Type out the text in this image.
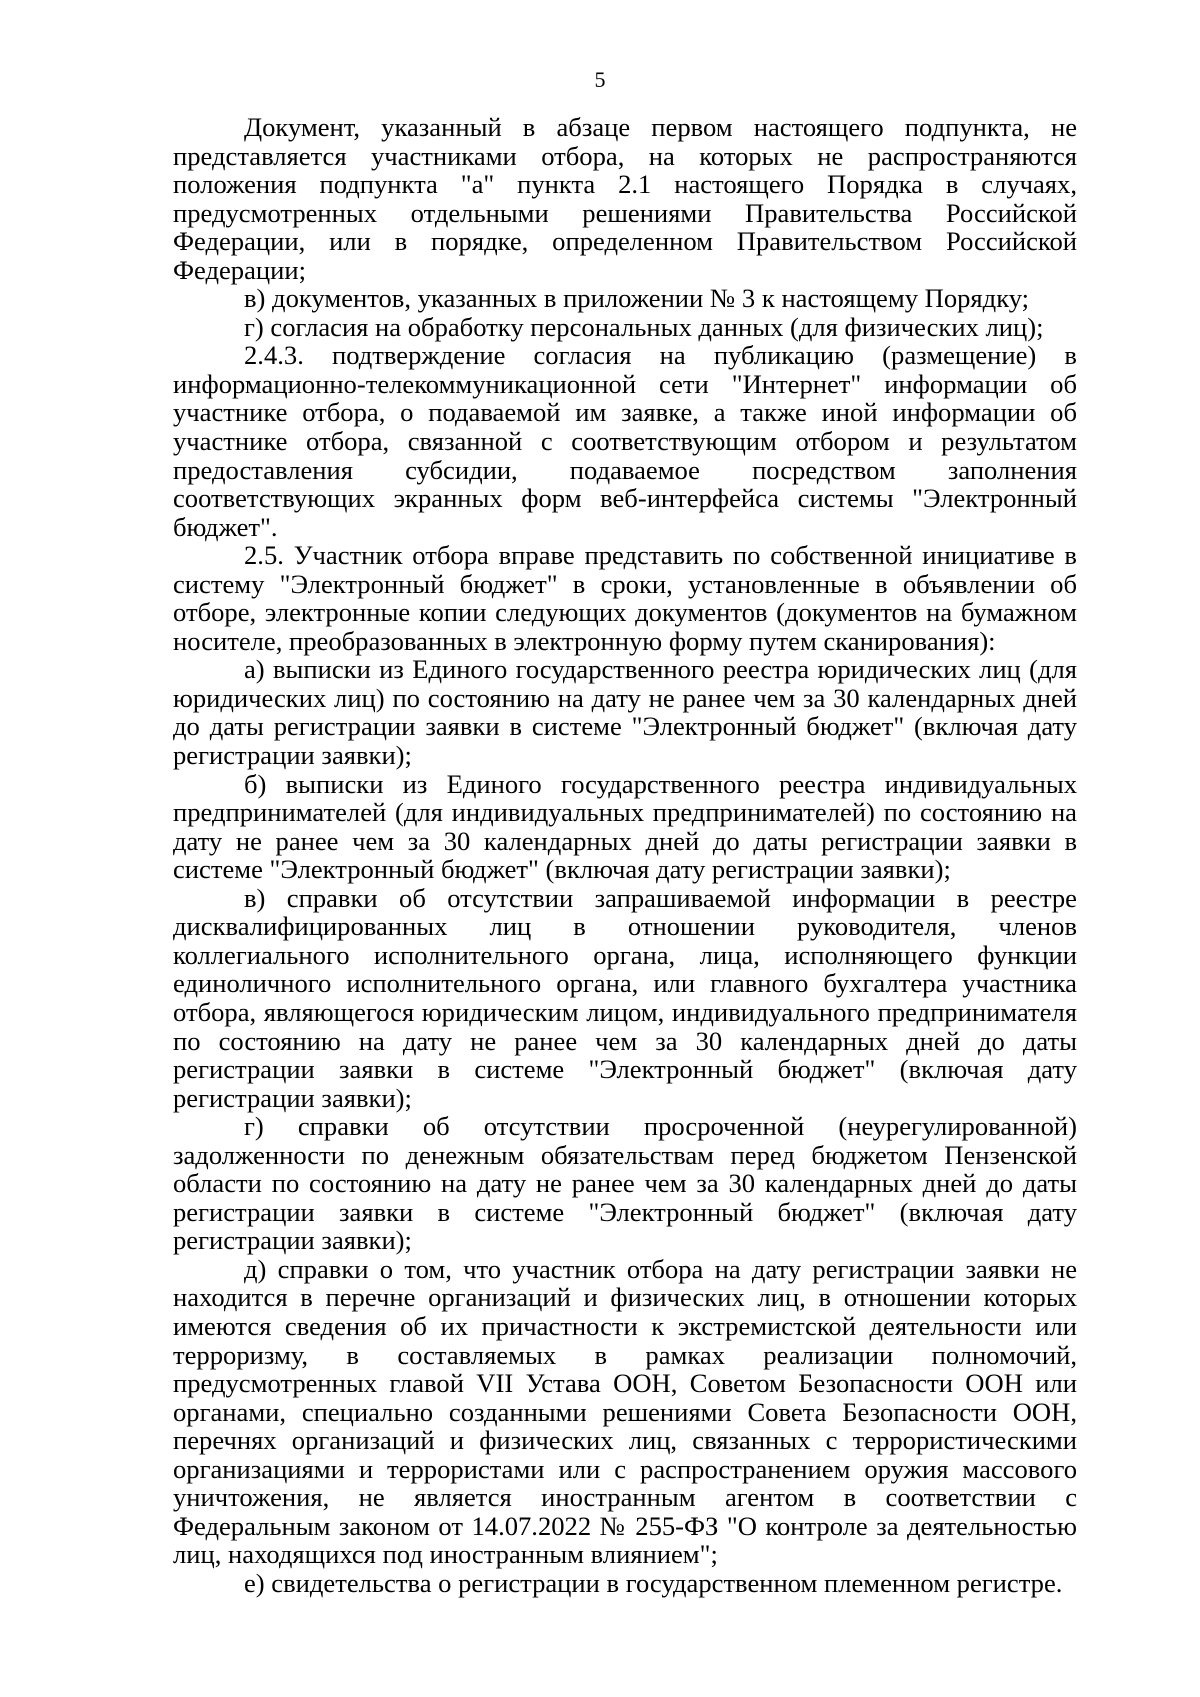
5

Документ, указанный в абзаце первом настоящего подпункта, не представляется участниками отбора, на которых не распространяются положения подпункта "а" пункта 2.1 настоящего Порядка в случаях, предусмотренных отдельными решениями Правительства Российской Федерации, или в порядке, определенном Правительством Российской Федерации;

в) документов, указанных в приложении № 3 к настоящему Порядку;

г) согласия на обработку персональных данных (для физических лиц);

2.4.3. подтверждение согласия на публикацию (размещение) в информационно-телекоммуникационной сети "Интернет" информации об участнике отбора, о подаваемой им заявке, а также иной информации об участнике отбора, связанной с соответствующим отбором и результатом предоставления субсидии, подаваемое посредством заполнения соответствующих экранных форм веб-интерфейса системы "Электронный бюджет".

2.5. Участник отбора вправе представить по собственной инициативе в систему "Электронный бюджет" в сроки, установленные в объявлении об отборе, электронные копии следующих документов (документов на бумажном носителе, преобразованных в электронную форму путем сканирования):

а) выписки из Единого государственного реестра юридических лиц (для юридических лиц) по состоянию на дату не ранее чем за 30 календарных дней до даты регистрации заявки в системе "Электронный бюджет" (включая дату регистрации заявки);

б) выписки из Единого государственного реестра индивидуальных предпринимателей (для индивидуальных предпринимателей) по состоянию на дату не ранее чем за 30 календарных дней до даты регистрации заявки в системе "Электронный бюджет" (включая дату регистрации заявки);

в) справки об отсутствии запрашиваемой информации в реестре дисквалифицированных лиц в отношении руководителя, членов коллегиального исполнительного органа, лица, исполняющего функции единоличного исполнительного органа, или главного бухгалтера участника отбора, являющегося юридическим лицом, индивидуального предпринимателя по состоянию на дату не ранее чем за 30 календарных дней до даты регистрации заявки в системе "Электронный бюджет" (включая дату регистрации заявки);

г) справки об отсутствии просроченной (неурегулированной) задолженности по денежным обязательствам перед бюджетом Пензенской области по состоянию на дату не ранее чем за 30 календарных дней до даты регистрации заявки в системе "Электронный бюджет" (включая дату регистрации заявки);

д) справки о том, что участник отбора на дату регистрации заявки не находится в перечне организаций и физических лиц, в отношении которых имеются сведения об их причастности к экстремистской деятельности или терроризму, в составляемых в рамках реализации полномочий, предусмотренных главой VII Устава ООН, Советом Безопасности ООН или органами, специально созданными решениями Совета Безопасности ООН, перечнях организаций и физических лиц, связанных с террористическими организациями и террористами или с распространением оружия массового уничтожения, не является иностранным агентом в соответствии с Федеральным законом от 14.07.2022 № 255-ФЗ "О контроле за деятельностью лиц, находящихся под иностранным влиянием";

е) свидетельства о регистрации в государственном племенном регистре.
